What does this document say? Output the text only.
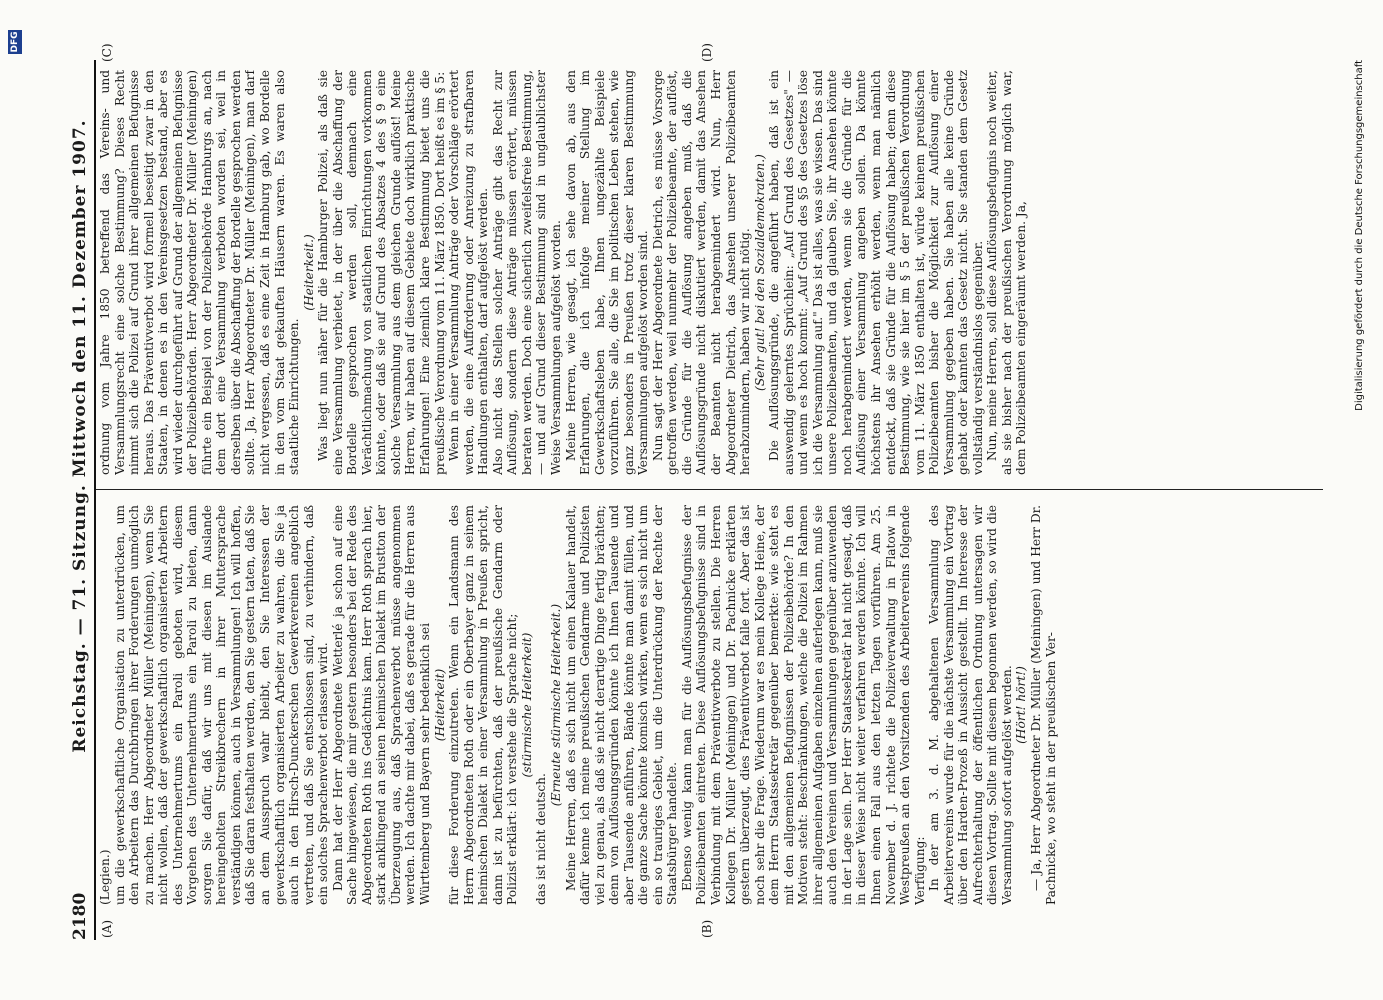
2180
Reichstag. — 71. Sitzung. Mittwoch den 11. Dezember 1907.
(A)	(B)
(C)	(D)

(Legien.) um die gewerkschaftliche Organisation zu unterdrücken, um den Arbeitern das Durchbringen ihrer Forderungen unmöglich zu machen. Herr Abgeordneter Müller (Meiningen), wenn Sie nicht wollen, daß der gewerkschaftlich organisierten Arbeitern des Unternehmertums ein Paroli geboten wird, diesem Vorgehen des Unternehmertums ein Paroli zu bieten, dann sorgen Sie dafür, daß wir uns mit diesen im Auslande hereingeholten Streikbrechern in ihrer Muttersprache verständigen können, auch in Versammlungen! Ich will hoffen, daß Sie daran festhalten werden, den Sie gestern taten, daß Sie an dem Ausspruch wahr bleibt, den Sie Interessen der gewerkschaftlich organisierten Arbeiter zu wahren, die Sie ja auch in den Hirsch-Dunckerschen Gewerkvereinen angeblich vertreten, und daß Sie entschlossen sind, zu verhindern, daß ein solches Sprachenverbot erlassen wird. Dann hat der Herr Abgeordnete Wetterlé ja schon auf eine Sache hingewiesen, die mir gestern besonders bei der Rede des Abgeordneten Roth ins Gedächtnis kam. Herr Roth sprach hier, stark anklingend an seinen heimischen Dialekt im Brustton der Überzeugung aus, daß Sprachenverbot müsse angenommen werden. Ich dachte mir dabei, daß es gerade für die Herren aus Württemberg und Bayern sehr bedenklich sei (Heiterkeit) für diese Forderung einzutreten. Wenn ein Landsmann des Herrn Abgeordneten Roth oder ein Oberbayer ganz in seinem heimischen Dialekt in einer Versammlung in Preußen spricht, dann ist zu befürchten, daß der preußische Gendarm oder Polizist erklärt: ich verstehe die Sprache nicht; (stürmische Heiterkeit)

das ist nicht deutsch.

(Erneute stürmische Heiterkeit.) Meine Herren, daß es sich nicht um einen Kalauer handelt, dafür kenne ich meine preußischen Gendarme und Polizisten viel zu genau, als daß sie nicht derartige Dinge fertig brächten; denn von Auflösungsgründen könnte ich Ihnen Tausende und aber Tausende anführen, Bände könnte man damit füllen, und die ganze Sache könnte komisch wirken, wenn es sich nicht um ein so trauriges Gebiet, um die Unterdrückung der Rechte der Staatsbürger handelte. Ebenso wenig kann man für die Auflösungsbefugnisse der Polizeibeamten eintreten. Diese Auflösungsbefugnisse sind in Verbindung mit dem Präventivverbote zu stellen. Die Herren Kollegen Dr. Müller (Meiningen) und Dr. Pachnicke erklärten gestern überzeugt, dies Präventivverbot falle fort. Aber das ist noch sehr die Frage. Wiederum war es mein Kollege Heine, der dem Herrn Staatssekretär gegenüber bemerkte: wie steht es mit den allgemeinen Befugnissen der Polizeibehörde? In den Motiven steht: Beschränkungen, welche die Polizei im Rahmen ihrer allgemeinen Aufgaben einzelnen auferlegen kann, muß sie auch den Vereinen und Versammlungen gegenüber anzuwenden in der Lage sein. Der Herr Staatssekretär hat nicht gesagt, daß in dieser Weise nicht weiter verfahren werden könnte. Ich will Ihnen einen Fall aus den letzten Tagen vorführen. Am 25. November d. J. richtete die Polizeiverwaltung in Flatow in Westpreußen an den Vorsitzenden des Arbeitervereins folgende Verfügung: In der am 3. d. M. abgehaltenen Versammlung des Arbeitervereins wurde für die nächste Versammlung ein Vortrag über den Harden-Prozeß in Aussicht gestellt. Im Interesse der Aufrechterhaltung der öffentlichen Ordnung untersagen wir diesen Vortrag. Sollte mit diesem begonnen werden, so wird die Versammlung sofort aufgelöst werden. (Hört! hört!) — Ja, Herr Abgeordneter Dr. Müller (Meiningen) und Herr Dr. Pachnicke, wo steht in der preußischen Ver-

ordnung vom Jahre 1850 betreffend das Vereins- und Versammlungsrecht eine solche Bestimmung? Dieses Recht nimmt sich die Polizei auf Grund ihrer allgemeinen Befugnisse heraus. Das Präventivverbot wird formell beseitigt zwar in den Staaten, in denen es in den Vereinsgesetzen bestand, aber es wird wieder durchgeführt auf Grund der allgemeinen Befugnisse der Polizeibehörden. Herr Abgeordneter Dr. Müller (Meiningen) führte ein Beispiel von der Polizeibehörde Hamburgs an, nach dem dort eine Versammlung verboten worden sei, weil in derselben über die Abschaffung der Bordelle gesprochen werden sollte. Ja, Herr Abgeordneter Dr. Müller (Meiningen), man darf nicht vergessen, daß es eine Zeit in Hamburg gab, wo Bordelle in den vom Staat gekauften Häusern waren. Es waren also staatliche Einrichtungen.

(Heiterkeit.) Was liegt nun näher für die Hamburger Polizei, als daß sie eine Versammlung verbietet, in der über die Abschaffung der Bordelle gesprochen werden soll, demnach eine Verächtlichmachung von staatlichen Einrichtungen vorkommen könnte, oder daß sie auf Grund des Absatzes 4 des § 9 eine solche Versammlung aus dem gleichen Grunde auflöst! Meine Herren, wir haben auf diesem Gebiete doch wirklich praktische Erfahrungen! Eine ziemlich klare Bestimmung bietet uns die preußische Verordnung vom 11. März 1850. Dort heißt es im § 5: Wenn in einer Versammlung Anträge oder Vorschläge erörtert werden, die eine Aufforderung oder Anreizung zu strafbaren Handlungen enthalten, darf aufgelöst werden. Also nicht das Stellen solcher Anträge gibt das Recht zur Auflösung, sondern diese Anträge müssen erörtert, müssen beraten werden. Doch eine sicherlich zweifelsfreie Bestimmung, — und auf Grund dieser Bestimmung sind in unglaublichster Weise Versammlungen aufgelöst worden. Meine Herren, wie gesagt, ich sehe davon ab, aus den Erfahrungen, die ich infolge meiner Stellung im Gewerkschaftsleben habe, Ihnen ungezählte Beispiele vorzuführen. Sie alle, die Sie im politischen Leben stehen, wie ganz besonders in Preußen trotz dieser klaren Bestimmung Versammlungen aufgelöst worden sind. Nun sagt der Herr Abgeordnete Dietrich, es müsse Vorsorge getroffen werden, weil nunmehr der Polizeibeamte, der auflöst, die Gründe für die Auflösung angeben muß, daß die Auflösungsgründe nicht diskutiert werden, damit das Ansehen der Beamten nicht herabgemindert wird. Nun, Herr Abgeordneter Dietrich, das Ansehen unserer Polizeibeamten herabzumindern, haben wir nicht nötig. (Sehr gut! bei den Sozialdemokraten.) Die Auflösungsgründe, die angeführt haben, daß ist ein auswendig gelerntes Sprüchlein: „Auf Grund des Gesetzes" — und wenn es hoch kommt: „Auf Grund des §5 des Gesetzes löse ich die Versammlung auf." Das ist alles, was sie wissen. Das sind unsere Polizeibeamten, und da glauben Sie, ihr Ansehen könnte noch herabgemindert werden, wenn sie die Gründe für die Auflösung einer Versammlung angeben sollen. Da könnte höchstens ihr Ansehen erhöht werden, wenn man nämlich entdeckt, daß sie Gründe für die Auflösung haben; denn diese Bestimmung, wie sie hier im § 5 der preußischen Verordnung vom 11. März 1850 enthalten ist, würde keinem preußischen Polizeibeamten bisher die Möglichkeit zur Auflösung einer Versammlung gegeben haben. Sie haben alle keine Gründe gehabt oder kannten das Gesetz nicht. Sie standen dem Gesetz vollständig verständnislos gegenüber. Nun, meine Herren, soll diese Auflösungsbefugnis noch weiter, als sie bisher nach der preußischen Verordnung möglich war, dem Polizeibeamten eingeräumt werden. Ja,	Digitalisierung gefördert durch die Deutsche Forschungsgemeinschaft
DFG
